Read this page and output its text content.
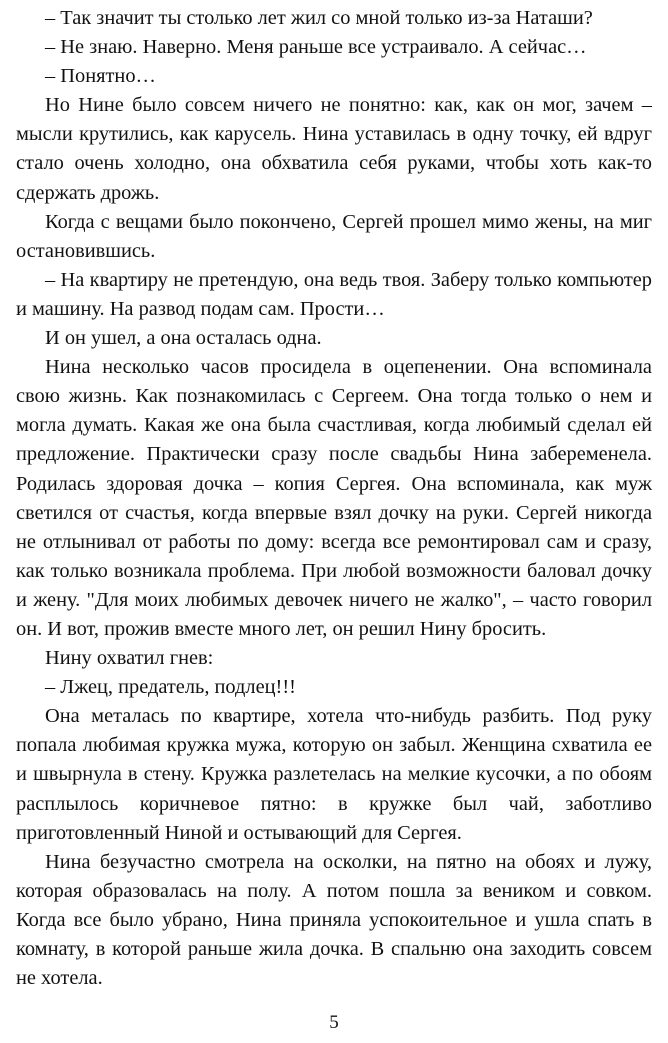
– Так значит ты столько лет жил со мной только из-за Наташи?

– Не знаю. Наверно. Меня раньше все устраивало. А сейчас…

– Понятно…

Но Нине было совсем ничего не понятно: как, как он мог, зачем – мысли крутились, как карусель. Нина уставилась в одну точку, ей вдруг стало очень холодно, она обхватила себя руками, чтобы хоть как-то сдержать дрожь.

Когда с вещами было покончено, Сергей прошел мимо жены, на миг остановившись.

– На квартиру не претендую, она ведь твоя. Заберу только компьютер и машину. На развод подам сам. Прости…

И он ушел, а она осталась одна.

Нина несколько часов просидела в оцепенении. Она вспоминала свою жизнь. Как познакомилась с Сергеем. Она тогда только о нем и могла думать. Какая же она была счастливая, когда любимый сделал ей предложение. Практически сразу после свадьбы Нина забеременела. Родилась здоровая дочка – копия Сергея. Она вспоминала, как муж светился от счастья, когда впервые взял дочку на руки. Сергей никогда не отлынивал от работы по дому: всегда все ремонтировал сам и сразу, как только возникала проблема. При любой возможности баловал дочку и жену. "Для моих любимых девочек ничего не жалко", – часто говорил он. И вот, прожив вместе много лет, он решил Нину бросить.

Нину охватил гнев:

– Лжец, предатель, подлец!!!

Она металась по квартире, хотела что-нибудь разбить. Под руку попала любимая кружка мужа, которую он забыл. Женщина схватила ее и швырнула в стену. Кружка разлетелась на мелкие кусочки, а по обоям расплылось коричневое пятно: в кружке был чай, заботливо приготовленный Ниной и остывающий для Сергея.

Нина безучастно смотрела на осколки, на пятно на обоях и лужу, которая образовалась на полу. А потом пошла за веником и совком. Когда все было убрано, Нина приняла успокоительное и ушла спать в комнату, в которой раньше жила дочка. В спальню она заходить совсем не хотела.

5
